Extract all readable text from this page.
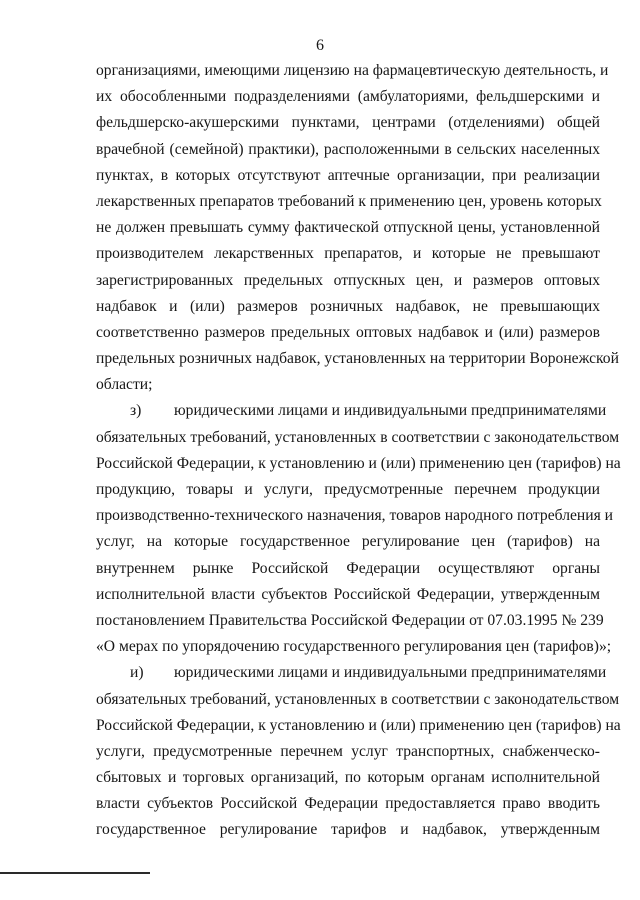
6
организациями, имеющими лицензию на фармацевтическую деятельность, и
их обособленными подразделениями (амбулаториями, фельдшерскими и
фельдшерско-акушерскими пунктами, центрами (отделениями) общей
врачебной (семейной) практики), расположенными в сельских населенных
пунктах, в которых отсутствуют аптечные организации, при реализации
лекарственных препаратов требований к применению цен, уровень которых
не должен превышать сумму фактической отпускной цены, установленной
производителем лекарственных препаратов, и которые не превышают
зарегистрированных предельных отпускных цен, и размеров оптовых
надбавок и (или) размеров розничных надбавок, не превышающих
соответственно размеров предельных оптовых надбавок и (или) размеров
предельных розничных надбавок, установленных на территории Воронежской
области;
з) юридическими лицами и индивидуальными предпринимателями
обязательных требований, установленных в соответствии с законодательством
Российской Федерации, к установлению и (или) применению цен (тарифов) на
продукцию, товары и услуги, предусмотренные перечнем продукции
производственно-технического назначения, товаров народного потребления и
услуг, на которые государственное регулирование цен (тарифов) на
внутреннем рынке Российской Федерации осуществляют органы
исполнительной власти субъектов Российской Федерации, утвержденным
постановлением Правительства Российской Федерации от 07.03.1995 № 239
«О мерах по упорядочению государственного регулирования цен (тарифов)»;
и) юридическими лицами и индивидуальными предпринимателями
обязательных требований, установленных в соответствии с законодательством
Российской Федерации, к установлению и (или) применению цен (тарифов) на
услуги, предусмотренные перечнем услуг транспортных, снабженческо-
сбытовых и торговых организаций, по которым органам исполнительной
власти субъектов Российской Федерации предоставляется право вводить
государственное регулирование тарифов и надбавок, утвержденным
